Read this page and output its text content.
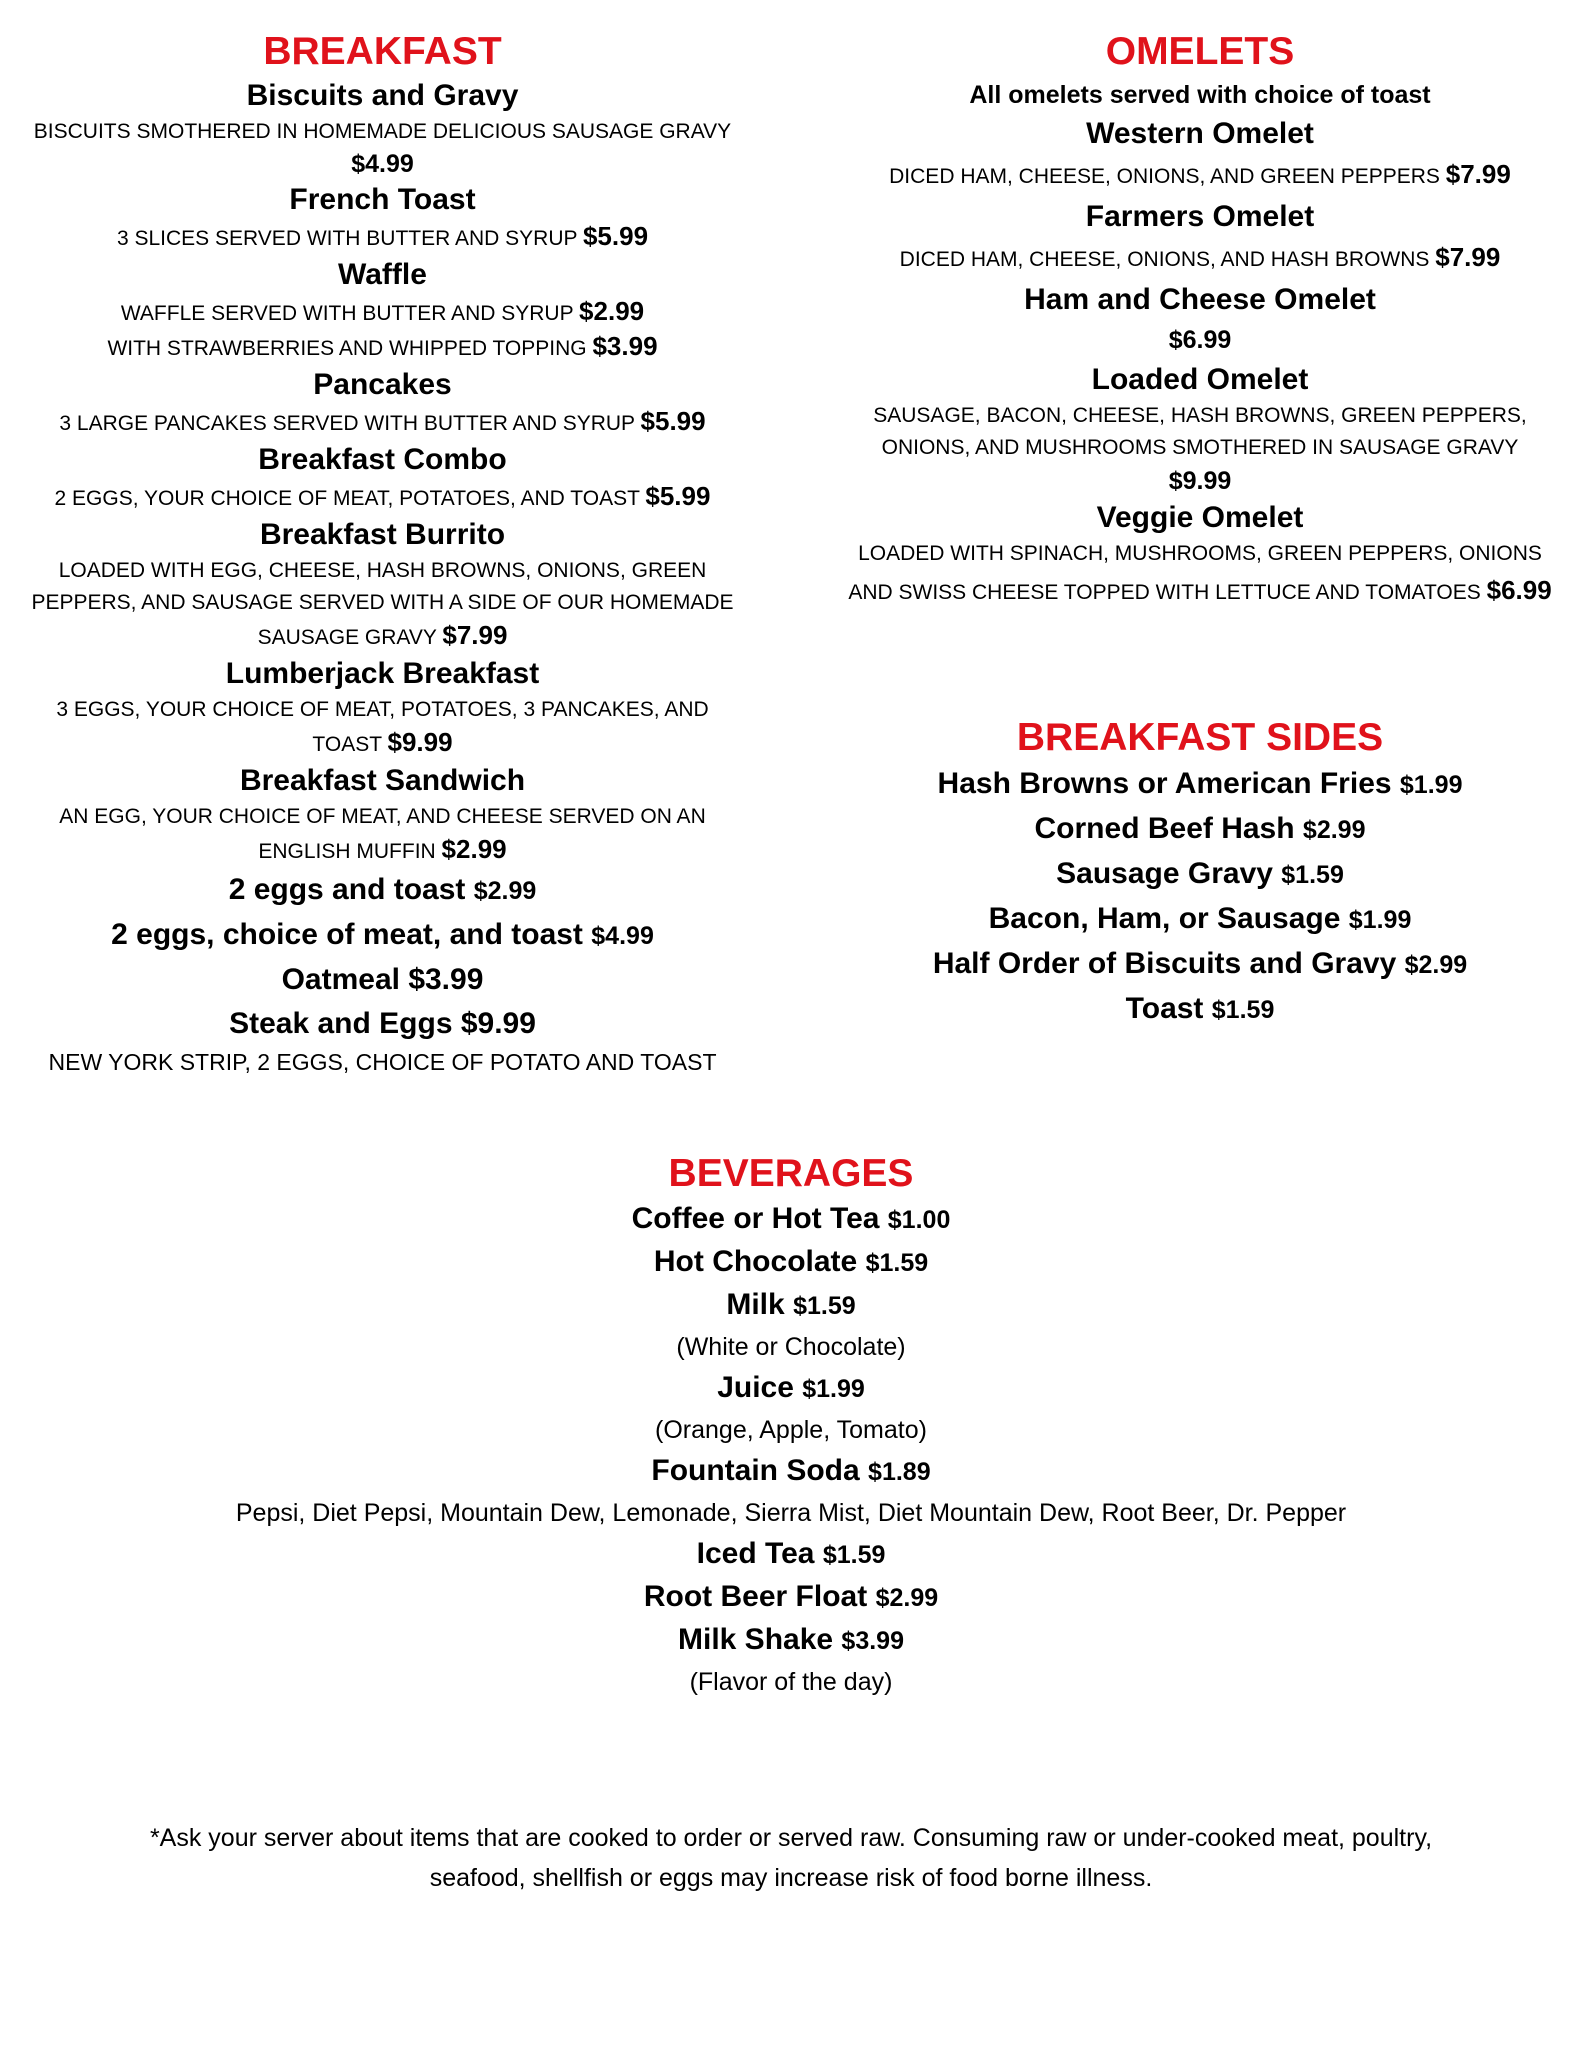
BREAKFAST
Biscuits and Gravy
BISCUITS SMOTHERED IN HOMEMADE DELICIOUS SAUSAGE GRAVY
$4.99
French Toast
3 SLICES SERVED WITH BUTTER AND SYRUP $5.99
Waffle
WAFFLE SERVED WITH BUTTER AND SYRUP $2.99
WITH STRAWBERRIES AND WHIPPED TOPPING $3.99
Pancakes
3 LARGE PANCAKES SERVED WITH BUTTER AND SYRUP $5.99
Breakfast Combo
2 EGGS, YOUR CHOICE OF MEAT, POTATOES, AND TOAST $5.99
Breakfast Burrito
LOADED WITH EGG, CHEESE, HASH BROWNS, ONIONS, GREEN
PEPPERS, AND SAUSAGE SERVED WITH A SIDE OF OUR HOMEMADE
SAUSAGE GRAVY $7.99
Lumberjack Breakfast
3 EGGS, YOUR CHOICE OF MEAT, POTATOES, 3 PANCAKES, AND
TOAST $9.99
Breakfast Sandwich
AN EGG, YOUR CHOICE OF MEAT, AND CHEESE SERVED ON AN
ENGLISH MUFFIN $2.99
2 eggs and toast $2.99
2 eggs, choice of meat, and toast $4.99
Oatmeal $3.99
Steak and Eggs $9.99
NEW YORK STRIP, 2 EGGS, CHOICE OF POTATO AND TOAST
OMELETS
All omelets served with choice of toast
Western Omelet
DICED HAM, CHEESE, ONIONS, AND GREEN PEPPERS $7.99
Farmers Omelet
DICED HAM, CHEESE, ONIONS, AND HASH BROWNS $7.99
Ham and Cheese Omelet
$6.99
Loaded Omelet
SAUSAGE, BACON, CHEESE, HASH BROWNS, GREEN PEPPERS,
ONIONS, AND MUSHROOMS SMOTHERED IN SAUSAGE GRAVY
$9.99
Veggie Omelet
LOADED WITH SPINACH, MUSHROOMS, GREEN PEPPERS, ONIONS
AND SWISS CHEESE TOPPED WITH LETTUCE AND TOMATOES $6.99
BREAKFAST SIDES
Hash Browns or American Fries $1.99
Corned Beef Hash $2.99
Sausage Gravy $1.59
Bacon, Ham, or Sausage $1.99
Half Order of Biscuits and Gravy $2.99
Toast $1.59
BEVERAGES
Coffee or Hot Tea $1.00
Hot Chocolate $1.59
Milk $1.59
(White or Chocolate)
Juice $1.99
(Orange, Apple, Tomato)
Fountain Soda $1.89
Pepsi, Diet Pepsi, Mountain Dew, Lemonade, Sierra Mist, Diet Mountain Dew, Root Beer, Dr. Pepper
Iced Tea $1.59
Root Beer Float $2.99
Milk Shake $3.99
(Flavor of the day)
*Ask your server about items that are cooked to order or served raw. Consuming raw or under-cooked meat, poultry,
seafood, shellfish or eggs may increase risk of food borne illness.
